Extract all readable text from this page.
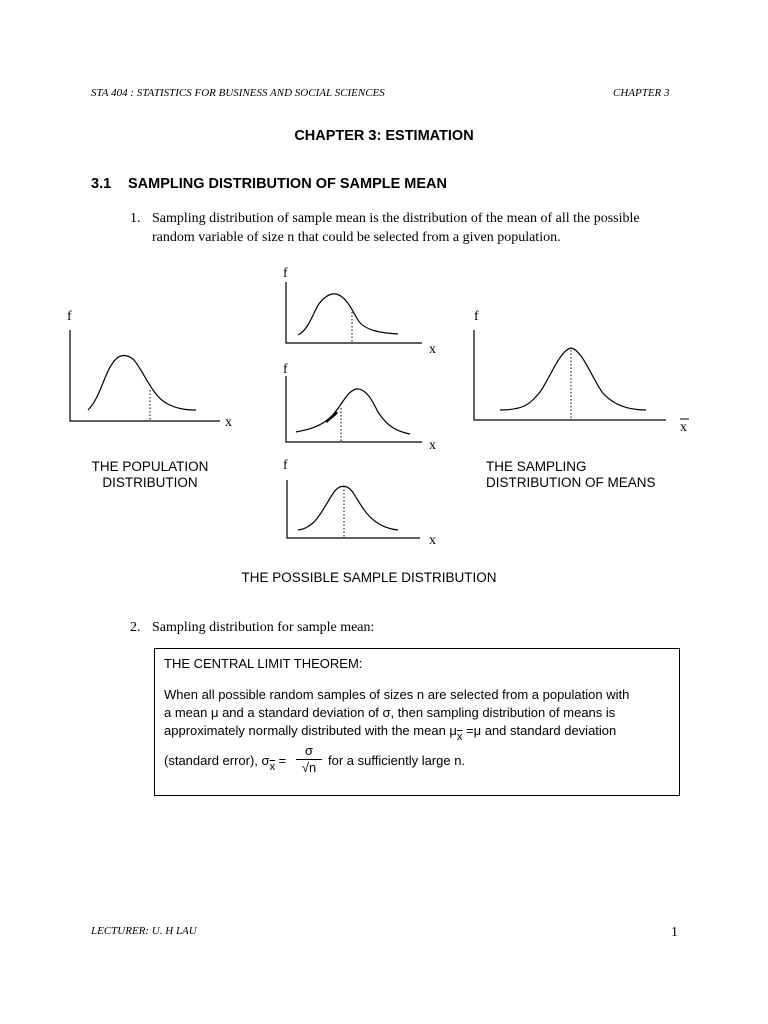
STA 404 : STATISTICS FOR BUSINESS AND SOCIAL SCIENCES	CHAPTER 3
CHAPTER 3: ESTIMATION
3.1 SAMPLING DISTRIBUTION OF SAMPLE MEAN
1. Sampling distribution of sample mean is the distribution of the mean of all the possible
random variable of size n that could be selected from a given population.
f
x
f
x
f
x
f
x
f
x
THE POPULATION
DISTRIBUTION
THE SAMPLING
DISTRIBUTION OF MEANS
THE POSSIBLE SAMPLE DISTRIBUTION
2. Sampling distribution for sample mean:
THE CENTRAL LIMIT THEOREM:
When all possible random samples of sizes n are selected from a population with
a mean μ and a standard deviation of σ, then sampling distribution of means is
approximately normally distributed with the mean $\mu_{\overline{x}} =\mu$ and standard deviation
(standard error), $\sigma_{\overline{x}} = \frac{\sigma}{√n}$ for a sufficiently large n.
LECTURER: U. H LAU	1
